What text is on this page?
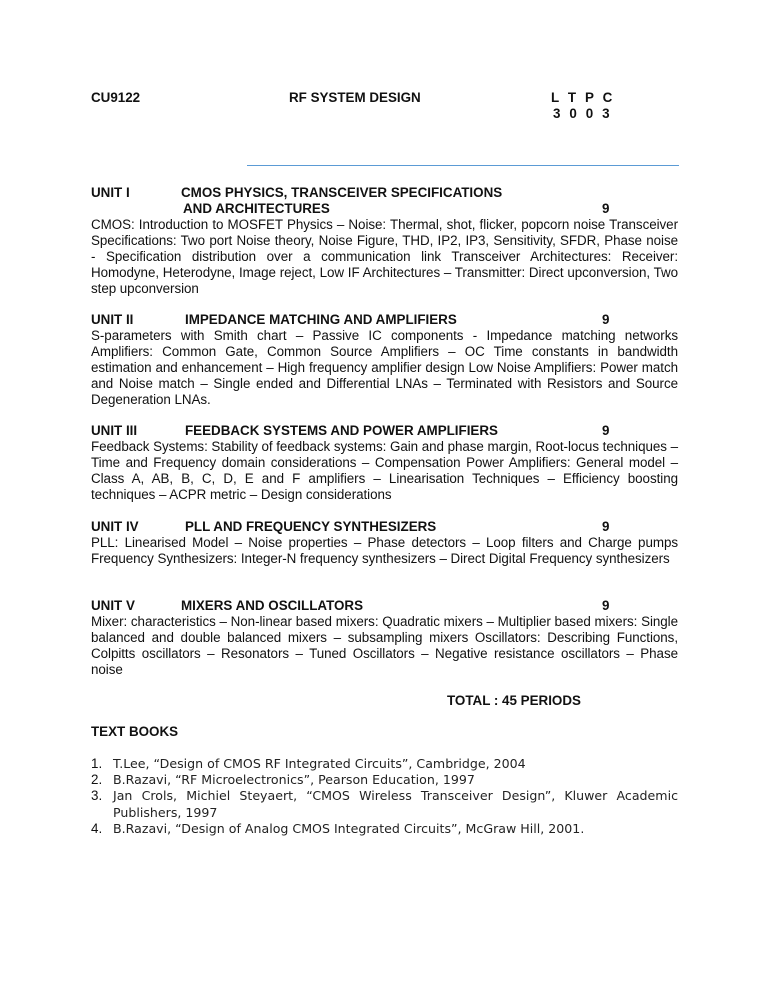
CU9122	RF SYSTEM DESIGN	L  T  P  C
3  0  0  3
UNIT I	CMOS PHYSICS, TRANSCEIVER SPECIFICATIONS
AND ARCHITECTURES	9
CMOS: Introduction to MOSFET Physics – Noise: Thermal, shot, flicker, popcorn noise Transceiver Specifications: Two port Noise theory, Noise Figure, THD, IP2, IP3, Sensitivity, SFDR, Phase noise - Specification distribution over a communication link Transceiver Architectures: Receiver: Homodyne, Heterodyne, Image reject, Low IF Architectures – Transmitter: Direct upconversion, Two step upconversion
UNIT II	IMPEDANCE MATCHING AND AMPLIFIERS	9
S-parameters with Smith chart – Passive IC components - Impedance matching networks Amplifiers: Common Gate, Common Source Amplifiers – OC Time constants in bandwidth estimation and enhancement – High frequency amplifier design Low Noise Amplifiers: Power match and Noise match – Single ended and Differential LNAs – Terminated with Resistors and Source Degeneration LNAs.
UNIT III	FEEDBACK SYSTEMS AND POWER AMPLIFIERS	9
Feedback Systems: Stability of feedback systems: Gain and phase margin, Root-locus techniques – Time and Frequency domain considerations – Compensation Power Amplifiers: General model – Class A, AB, B, C, D, E and F amplifiers – Linearisation Techniques – Efficiency boosting techniques – ACPR metric – Design considerations
UNIT IV	PLL AND FREQUENCY SYNTHESIZERS	9
PLL: Linearised Model – Noise properties – Phase detectors – Loop filters and Charge pumps Frequency Synthesizers: Integer-N frequency synthesizers – Direct Digital Frequency synthesizers
UNIT V	MIXERS AND OSCILLATORS	9
Mixer: characteristics – Non-linear based mixers: Quadratic mixers – Multiplier based mixers: Single balanced and double balanced mixers – subsampling mixers Oscillators: Describing Functions, Colpitts oscillators – Resonators – Tuned Oscillators – Negative resistance oscillators – Phase noise
TOTAL : 45 PERIODS
TEXT BOOKS
1. T.Lee, “Design of CMOS RF Integrated Circuits”, Cambridge, 2004
2. B.Razavi, “RF Microelectronics”, Pearson Education, 1997
3. Jan Crols, Michiel Steyaert, “CMOS Wireless Transceiver Design”, Kluwer Academic Publishers, 1997
4. B.Razavi, “Design of Analog CMOS Integrated Circuits”, McGraw Hill, 2001.
